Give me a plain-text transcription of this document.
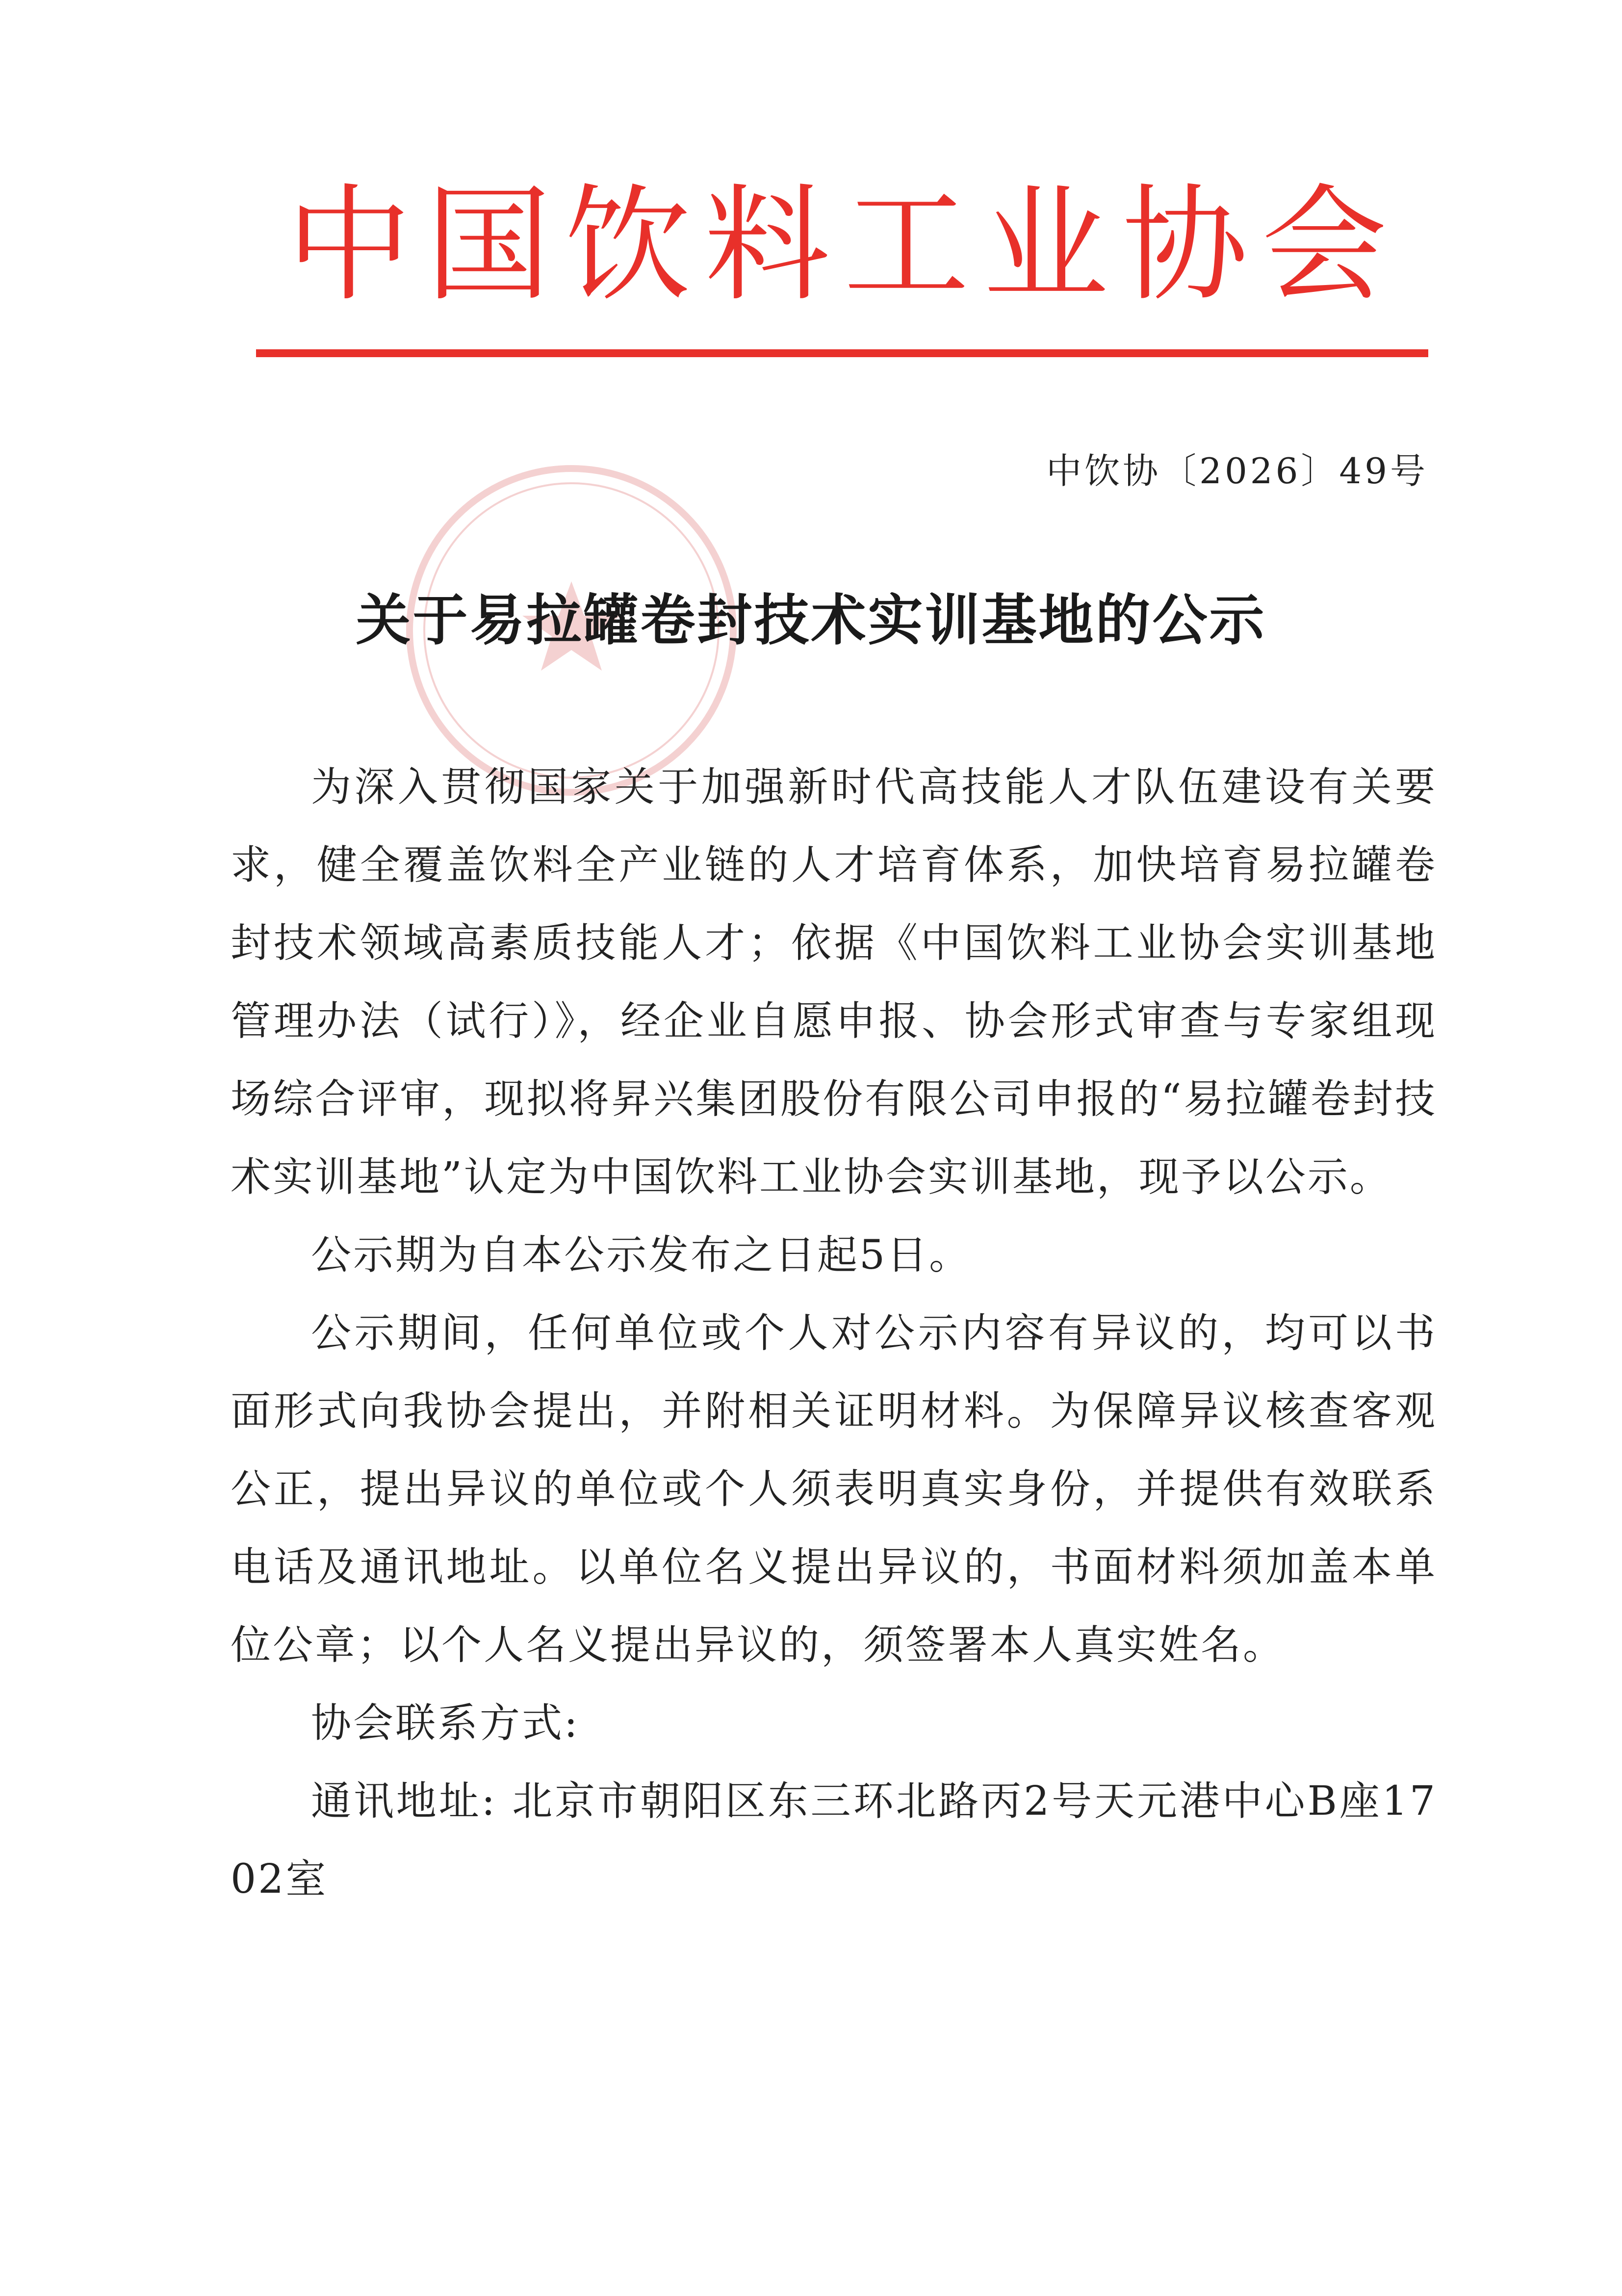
中国饮料工业协会
中饮协〔2026〕49号
关于易拉罐卷封技术实训基地的公示

为深入贯彻国家关于加强新时代高技能人才队伍建设有关要求，健全覆盖饮料全产业链的人才培育体系，加快培育易拉罐卷封技术领域高素质技能人才；依据《中国饮料工业协会实训基地管理办法（试行）》，经企业自愿申报、协会形式审查与专家组现场综合评审，现拟将昇兴集团股份有限公司申报的“易拉罐卷封技术实训基地”认定为中国饮料工业协会实训基地，现予以公示。

公示期为自本公示发布之日起5日。

公示期间，任何单位或个人对公示内容有异议的，均可以书面形式向我协会提出，并附相关证明材料。为保障异议核查客观公正，提出异议的单位或个人须表明真实身份，并提供有效联系电话及通讯地址。以单位名义提出异议的，书面材料须加盖本单位公章；以个人名义提出异议的，须签署本人真实姓名。

协会联系方式:

通讯地址: 北京市朝阳区东三环北路丙2号天元港中心B座1702室
